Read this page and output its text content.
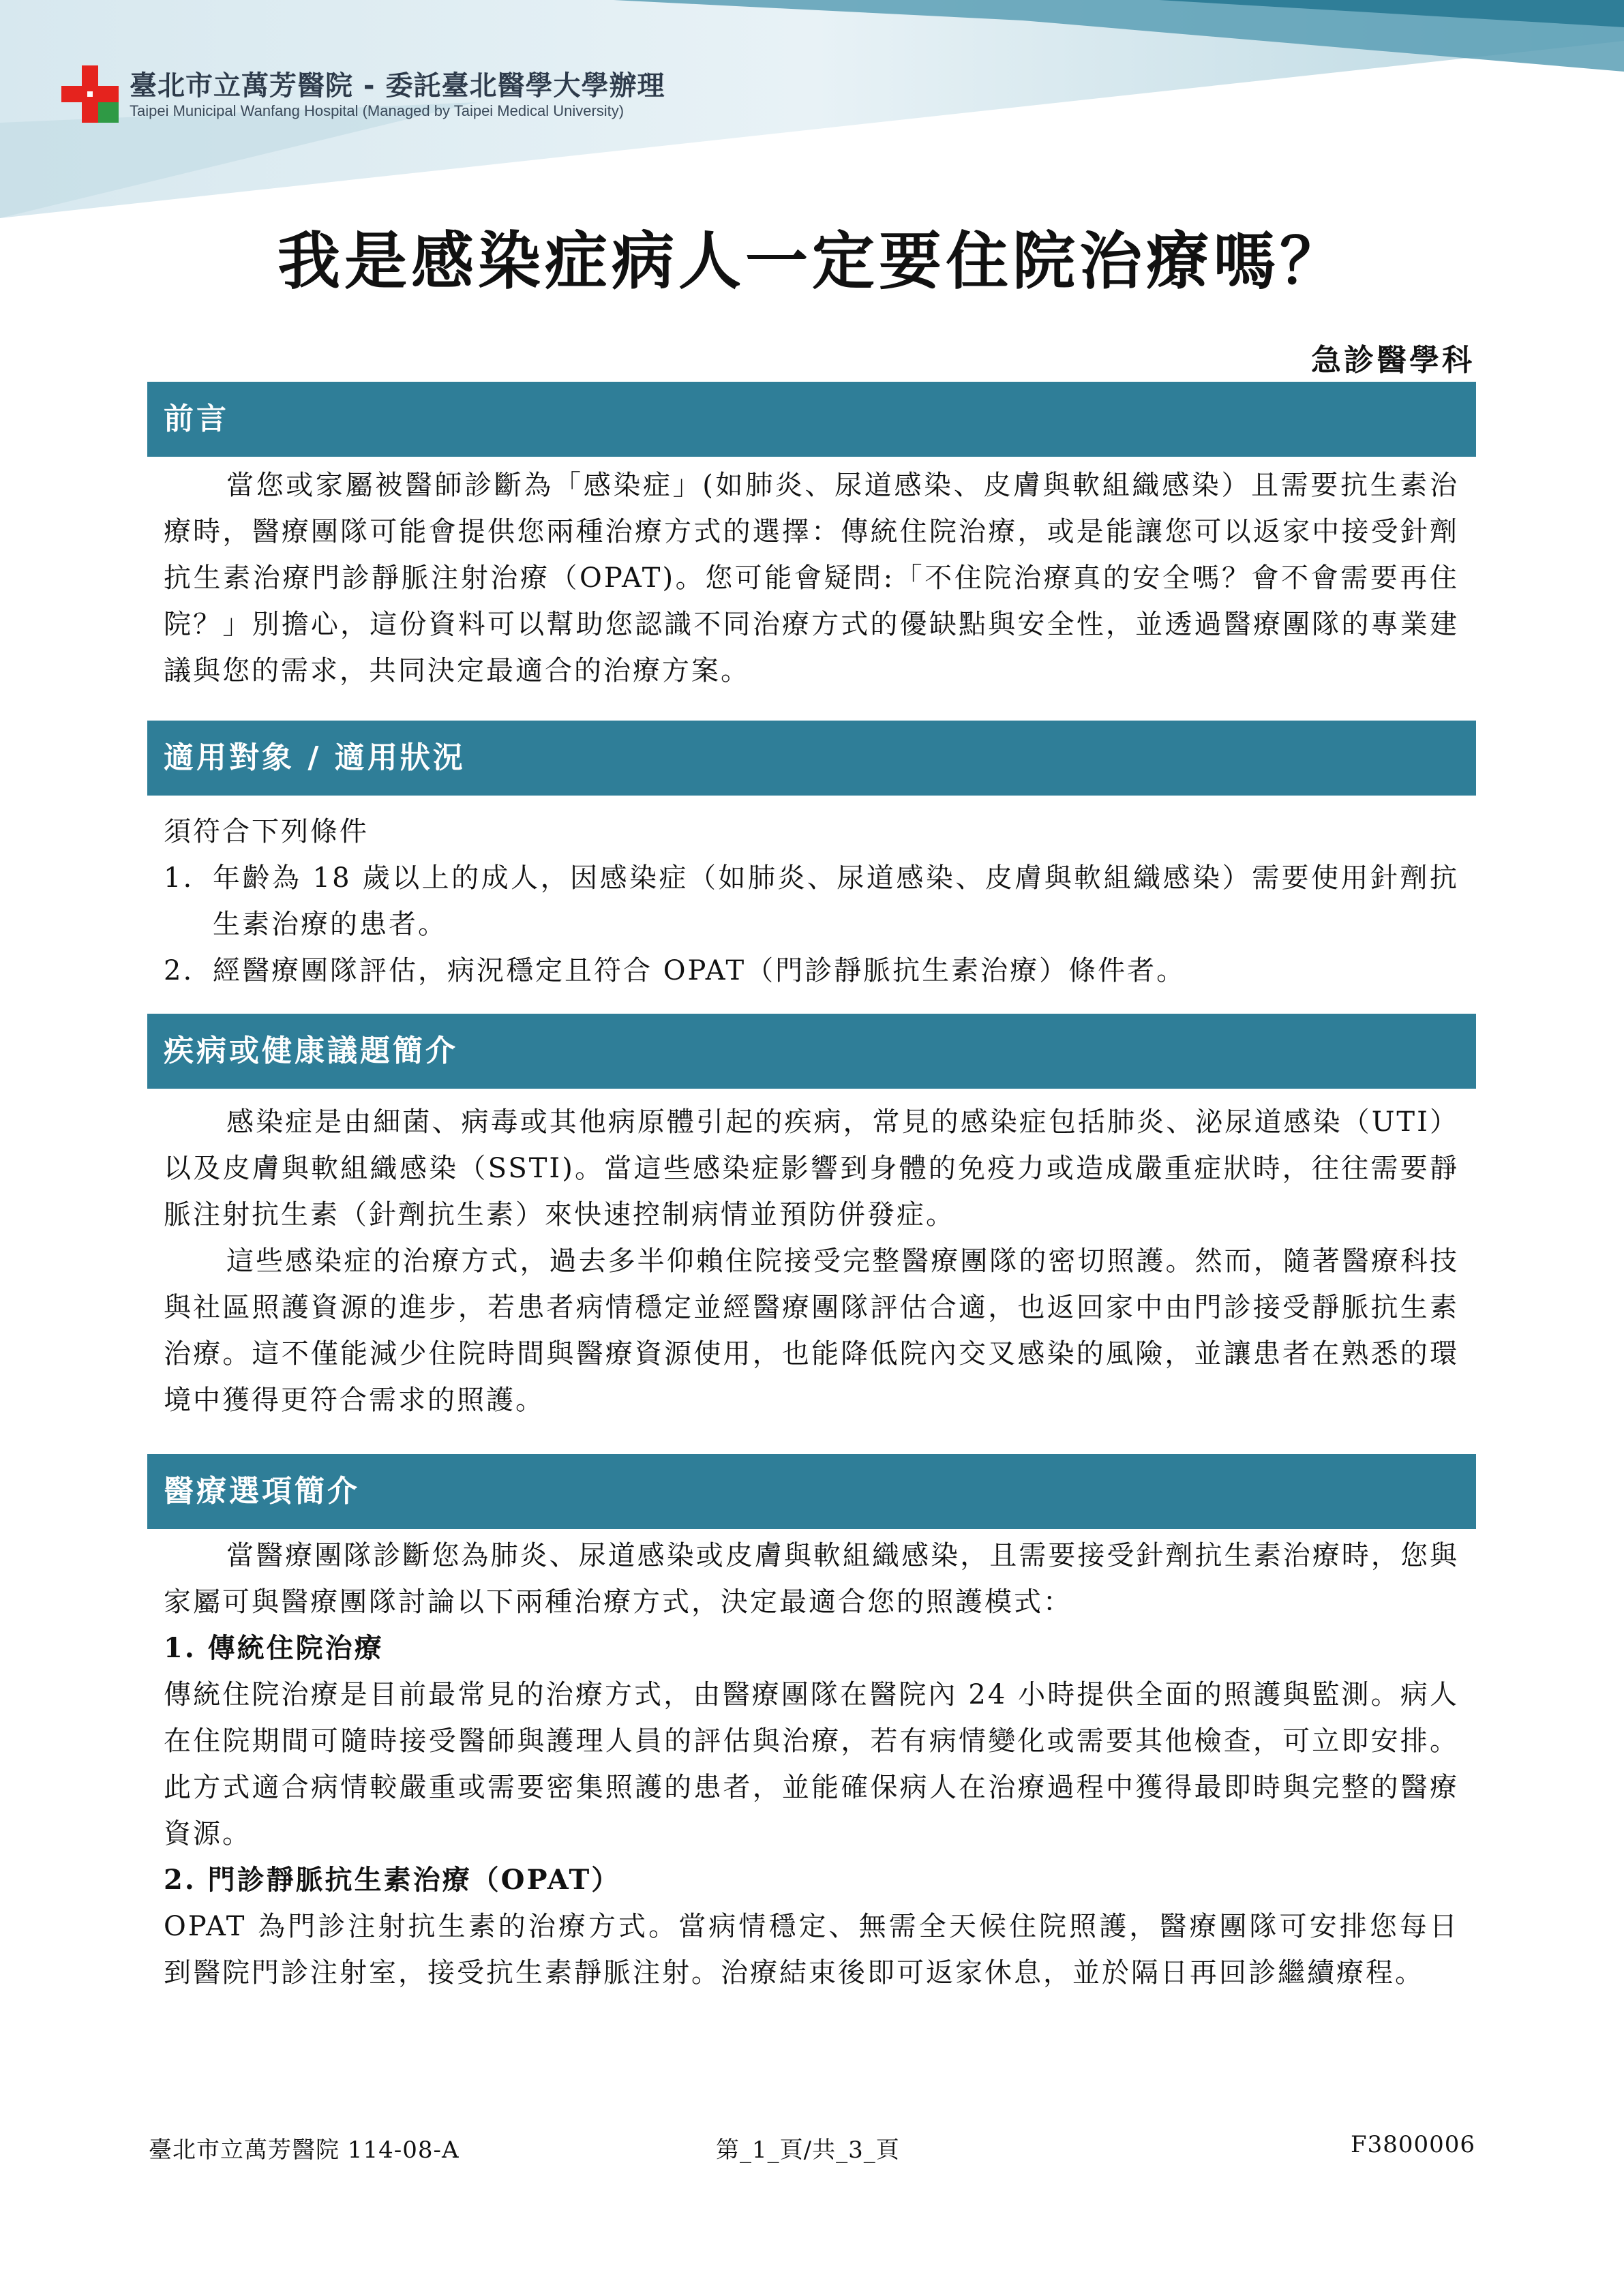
臺北市立萬芳醫院 - 委託臺北醫學大學辦理
Taipei Municipal Wanfang Hospital (Managed by Taipei Medical University)
我是感染症病人一定要住院治療嗎？
急診醫學科
前言

當您或家屬被醫師診斷為「感染症」(如肺炎、尿道感染、皮膚與軟組織感染）且需要抗生素治療時，醫療團隊可能會提供您兩種治療方式的選擇：傳統住院治療，或是能讓您可以返家中接受針劑抗生素治療門診靜脈注射治療（OPAT)。您可能會疑問:「不住院治療真的安全嗎？會不會需要再住院？」別擔心，這份資料可以幫助您認識不同治療方式的優缺點與安全性，並透過醫療團隊的專業建議與您的需求，共同決定最適合的治療方案。

適用對象 / 適用狀況

須符合下列條件

1. 年齡為 18 歲以上的成人，因感染症（如肺炎、尿道感染、皮膚與軟組織感染）需要使用針劑抗生素治療的患者。
2. 經醫療團隊評估，病況穩定且符合 OPAT（門診靜脈抗生素治療）條件者。
疾病或健康議題簡介

感染症是由細菌、病毒或其他病原體引起的疾病，常見的感染症包括肺炎、泌尿道感染（UTI）以及皮膚與軟組織感染（SSTI)。當這些感染症影響到身體的免疫力或造成嚴重症狀時，往往需要靜脈注射抗生素（針劑抗生素）來快速控制病情並預防併發症。

這些感染症的治療方式，過去多半仰賴住院接受完整醫療團隊的密切照護。然而，隨著醫療科技與社區照護資源的進步，若患者病情穩定並經醫療團隊評估合適，也返回家中由門診接受靜脈抗生素治療。這不僅能減少住院時間與醫療資源使用，也能降低院內交叉感染的風險，並讓患者在熟悉的環境中獲得更符合需求的照護。

醫療選項簡介

當醫療團隊診斷您為肺炎、尿道感染或皮膚與軟組織感染，且需要接受針劑抗生素治療時，您與家屬可與醫療團隊討論以下兩種治療方式，決定最適合您的照護模式：

1. 傳統住院治療

傳統住院治療是目前最常見的治療方式，由醫療團隊在醫院內 24 小時提供全面的照護與監測。病人在住院期間可隨時接受醫師與護理人員的評估與治療，若有病情變化或需要其他檢查，可立即安排。此方式適合病情較嚴重或需要密集照護的患者，並能確保病人在治療過程中獲得最即時與完整的醫療資源。

2. 門診靜脈抗生素治療（OPAT）

OPAT 為門診注射抗生素的治療方式。當病情穩定、無需全天候住院照護，醫療團隊可安排您每日到醫院門診注射室，接受抗生素靜脈注射。治療結束後即可返家休息，並於隔日再回診繼續療程。

臺北市立萬芳醫院 114-08-A	第_1_頁/共_3_頁	F3800006
